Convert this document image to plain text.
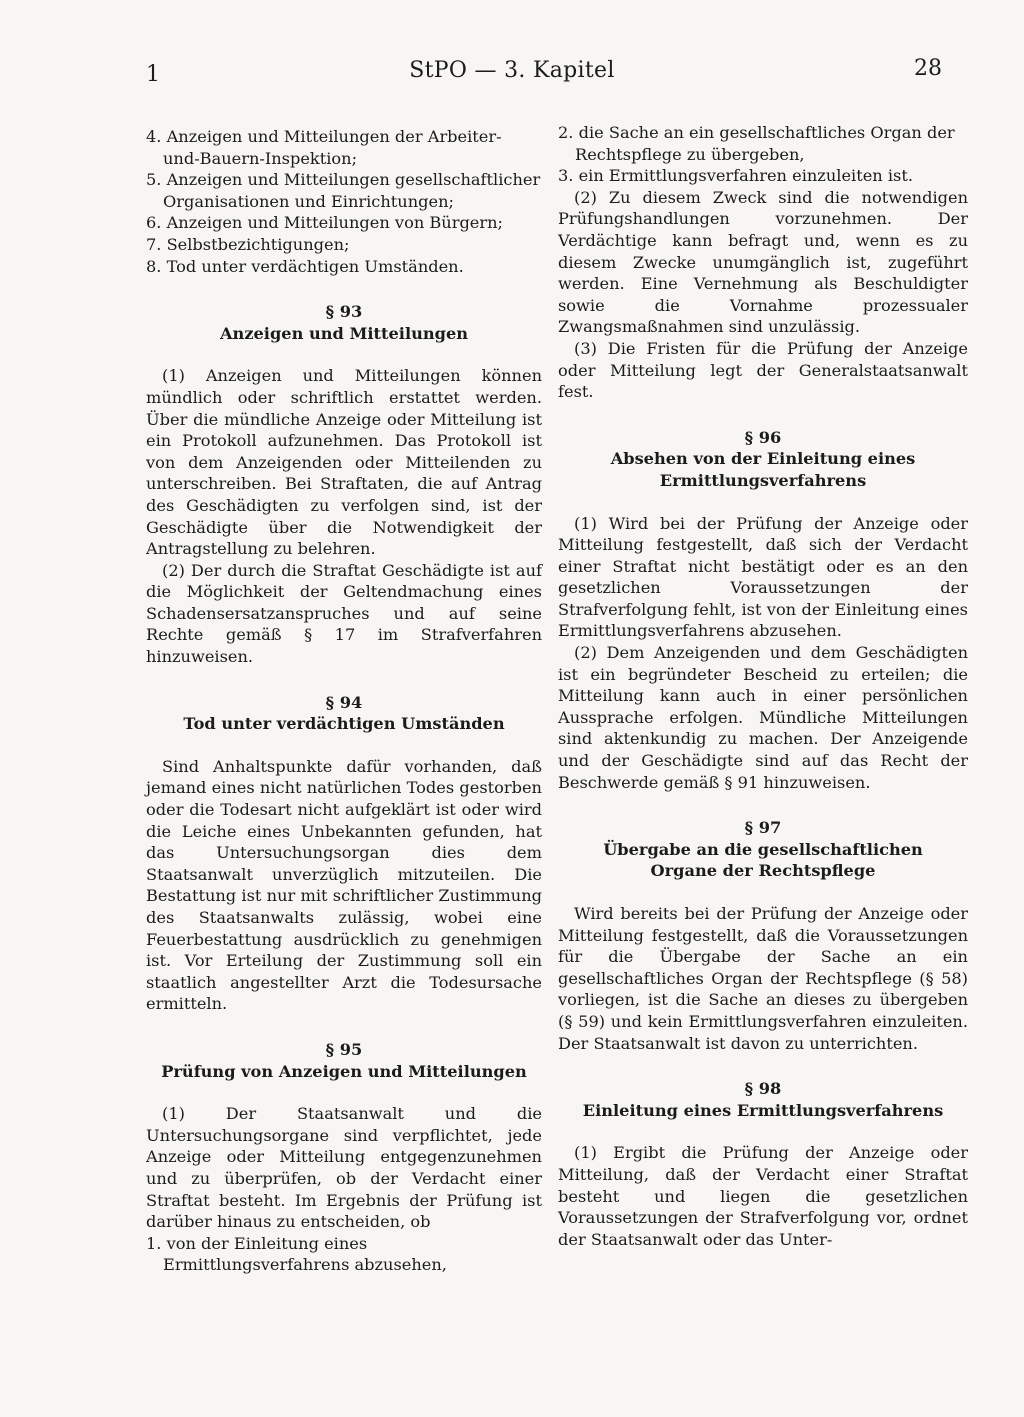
1	StPO — 3. Kapitel	28

4. Anzeigen und Mitteilungen der Arbeiter- und-Bauern-Inspektion;

5. Anzeigen und Mitteilungen gesellschaftlicher Organisationen und Einrichtungen;

6. Anzeigen und Mitteilungen von Bürgern;

7. Selbstbezichtigungen;

8. Tod unter verdächtigen Umständen.

§ 93

Anzeigen und Mitteilungen

(1) Anzeigen und Mitteilungen können mündlich oder schriftlich erstattet werden. Über die mündliche Anzeige oder Mitteilung ist ein Protokoll aufzunehmen. Das Protokoll ist von dem Anzeigenden oder Mitteilenden zu unterschreiben. Bei Straftaten, die auf Antrag des Geschädigten zu verfolgen sind, ist der Geschädigte über die Notwendigkeit der Antragstellung zu belehren.

(2) Der durch die Straftat Geschädigte ist auf die Möglichkeit der Geltendmachung eines Schadensersatzanspruches und auf seine Rechte gemäß § 17 im Strafverfahren hinzuweisen.

§ 94

Tod unter verdächtigen Umständen

Sind Anhaltspunkte dafür vorhanden, daß jemand eines nicht natürlichen Todes gestorben oder die Todesart nicht aufgeklärt ist oder wird die Leiche eines Unbekannten gefunden, hat das Untersuchungsorgan dies dem Staatsanwalt unverzüglich mitzuteilen. Die Bestattung ist nur mit schriftlicher Zustimmung des Staatsanwalts zulässig, wobei eine Feuerbestattung ausdrücklich zu genehmigen ist. Vor Erteilung der Zustimmung soll ein staatlich angestellter Arzt die Todesursache ermitteln.

§ 95

Prüfung von Anzeigen und Mitteilungen

(1) Der Staatsanwalt und die Untersuchungsorgane sind verpflichtet, jede Anzeige oder Mitteilung entgegenzunehmen und zu überprüfen, ob der Verdacht einer Straftat besteht. Im Ergebnis der Prüfung ist darüber hinaus zu entscheiden, ob

1. von der Einleitung eines Ermittlungsverfahrens abzusehen,

2. die Sache an ein gesellschaftliches Organ der Rechtspflege zu übergeben,

3. ein Ermittlungsverfahren einzuleiten ist.

(2) Zu diesem Zweck sind die notwendigen Prüfungshandlungen vorzunehmen. Der Verdächtige kann befragt und, wenn es zu diesem Zwecke unumgänglich ist, zugeführt werden. Eine Vernehmung als Beschuldigter sowie die Vornahme prozessualer Zwangsmaßnahmen sind unzulässig.

(3) Die Fristen für die Prüfung der Anzeige oder Mitteilung legt der Generalstaatsanwalt fest.

§ 96

Absehen von der Einleitung eines Ermittlungsverfahrens

(1) Wird bei der Prüfung der Anzeige oder Mitteilung festgestellt, daß sich der Verdacht einer Straftat nicht bestätigt oder es an den gesetzlichen Voraussetzungen der Strafverfolgung fehlt, ist von der Einleitung eines Ermittlungsverfahrens abzusehen.

(2) Dem Anzeigenden und dem Geschädigten ist ein begründeter Bescheid zu erteilen; die Mitteilung kann auch in einer persönlichen Aussprache erfolgen. Mündliche Mitteilungen sind aktenkundig zu machen. Der Anzeigende und der Geschädigte sind auf das Recht der Beschwerde gemäß § 91 hinzuweisen.

§ 97

Übergabe an die gesellschaftlichen Organe der Rechtspflege

Wird bereits bei der Prüfung der Anzeige oder Mitteilung festgestellt, daß die Voraussetzungen für die Übergabe der Sache an ein gesellschaftliches Organ der Rechtspflege (§ 58) vorliegen, ist die Sache an dieses zu übergeben (§ 59) und kein Ermittlungsverfahren einzuleiten. Der Staatsanwalt ist davon zu unterrichten.

§ 98

Einleitung eines Ermittlungsverfahrens

(1) Ergibt die Prüfung der Anzeige oder Mitteilung, daß der Verdacht einer Straftat besteht und liegen die gesetzlichen Voraussetzungen der Strafverfolgung vor, ordnet der Staatsanwalt oder das Unter-
